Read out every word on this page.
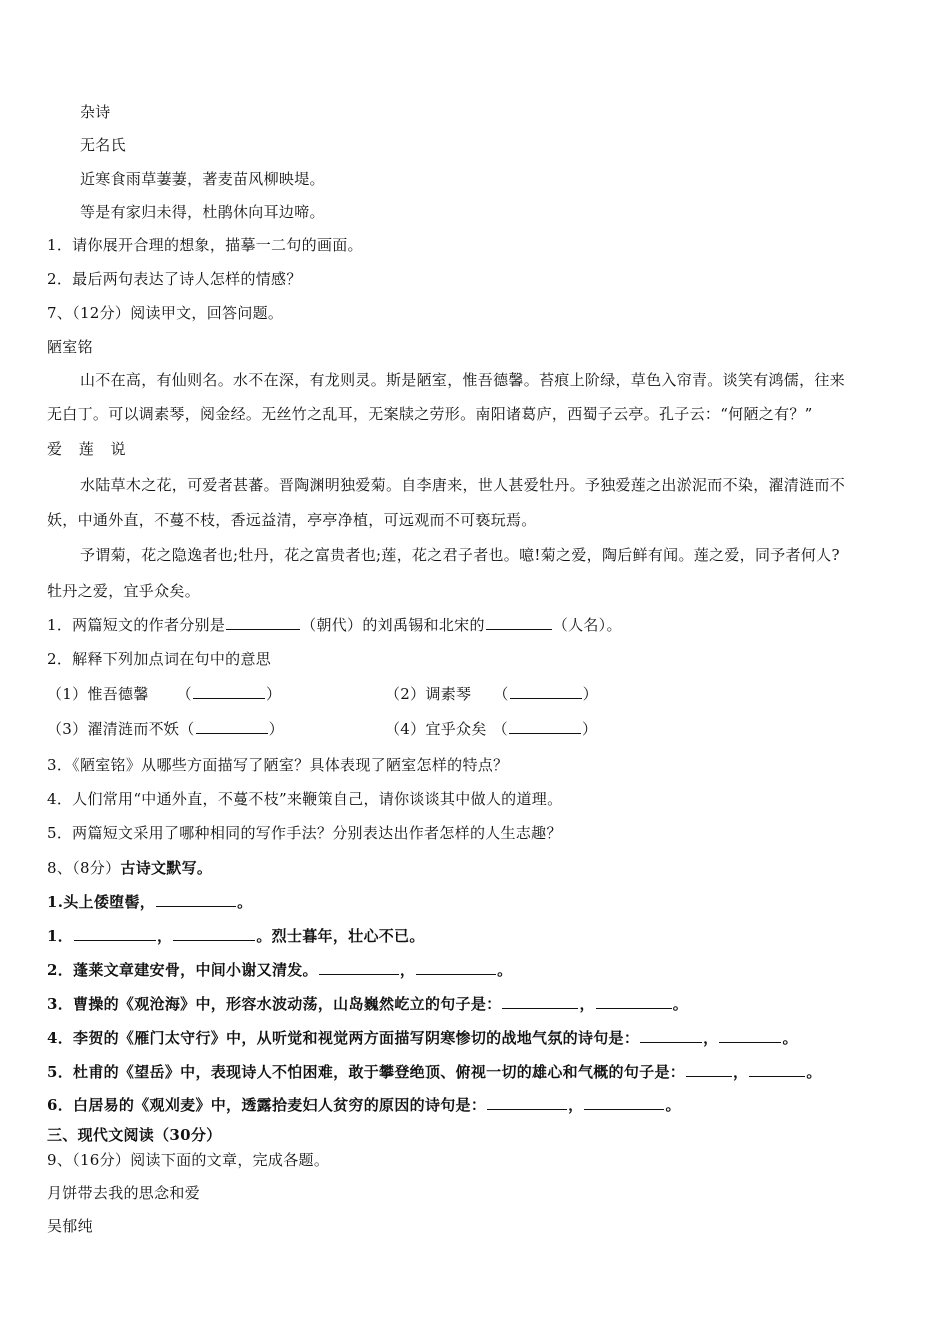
杂诗
无名氏
近寒食雨草萋萋，著麦苗风柳映堤。
等是有家归未得，杜鹃休向耳边啼。
1．请你展开合理的想象，描摹一二句的画面。
2．最后两句表达了诗人怎样的情感？
7、（12分）阅读甲文，回答问题。
陋室铭
山不在高，有仙则名。水不在深，有龙则灵。斯是陋室，惟吾德馨。苔痕上阶绿，草色入帘青。谈笑有鸿儒，往来
无白丁。可以调素琴，阅金经。无丝竹之乱耳，无案牍之劳形。南阳诸葛庐，西蜀子云亭。孔子云：“何陋之有？”
爱 莲 说
水陆草木之花，可爱者甚蕃。晋陶渊明独爱菊。自李唐来，世人甚爱牡丹。予独爱莲之出淤泥而不染，濯清涟而不
妖，中通外直，不蔓不枝，香远益清，亭亭净植，可远观而不可亵玩焉。
予谓菊，花之隐逸者也;牡丹，花之富贵者也;莲，花之君子者也。噫!菊之爱，陶后鲜有闻。莲之爱，同予者何人?
牡丹之爱，宜乎众矣。
1．两篇短文的作者分别是	（朝代）的刘禹锡和北宋的	（人名）。
2．解释下列加点词在句中的意思
（1）惟吾德馨 （	）	（2）调素琴 （	）
（3）濯清涟而不妖（	）	（4）宜乎众矣 （	）
3．《陋室铭》从哪些方面描写了陋室？具体表现了陋室怎样的特点？
4．人们常用“中通外直，不蔓不枝”来鞭策自己，请你谈谈其中做人的道理。
5．两篇短文采用了哪种相同的写作手法？分别表达出作者怎样的人生志趣？
8、（8分）古诗文默写。
1.头上倭堕髻，	。
1．	，	。烈士暮年，壮心不已。
2．蓬莱文章建安骨，中间小谢又清发。	，	。
3．曹操的《观沧海》中，形容水波动荡，山岛巍然屹立的句子是：	，	。
4．李贺的《雁门太守行》中，从听觉和视觉两方面描写阴寒惨切的战地气氛的诗句是：	，	。
5．杜甫的《望岳》中，表现诗人不怕困难，敢于攀登绝顶、俯视一切的雄心和气概的句子是：	，	。
6．白居易的《观刈麦》中，透露拾麦妇人贫穷的原因的诗句是：	，	。
三、现代文阅读（30分）
9、（16分）阅读下面的文章，完成各题。
月饼带去我的思念和爱
吴郁纯
